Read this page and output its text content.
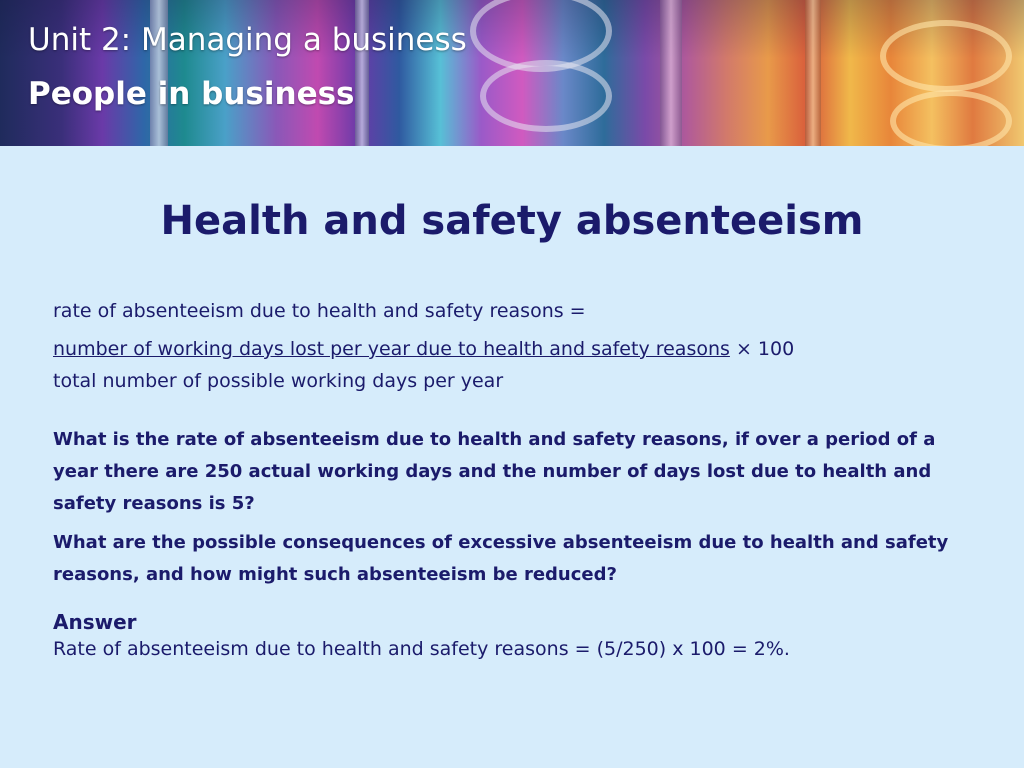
Unit 2: Managing a business
People in business
Health and safety absenteeism

rate of absenteeism due to health and safety reasons =

number of working days lost per year due to health and safety reasons × 100

total number of possible working days per year

What is the rate of absenteeism due to health and safety reasons, if over a period of a year there are 250 actual working days and the number of days lost due to health and safety reasons is 5?

What are the possible consequences of excessive absenteeism due to health and safety reasons, and how might such absenteeism be reduced?

Answer

Rate of absenteeism due to health and safety reasons = (5/250) x 100 = 2%.
